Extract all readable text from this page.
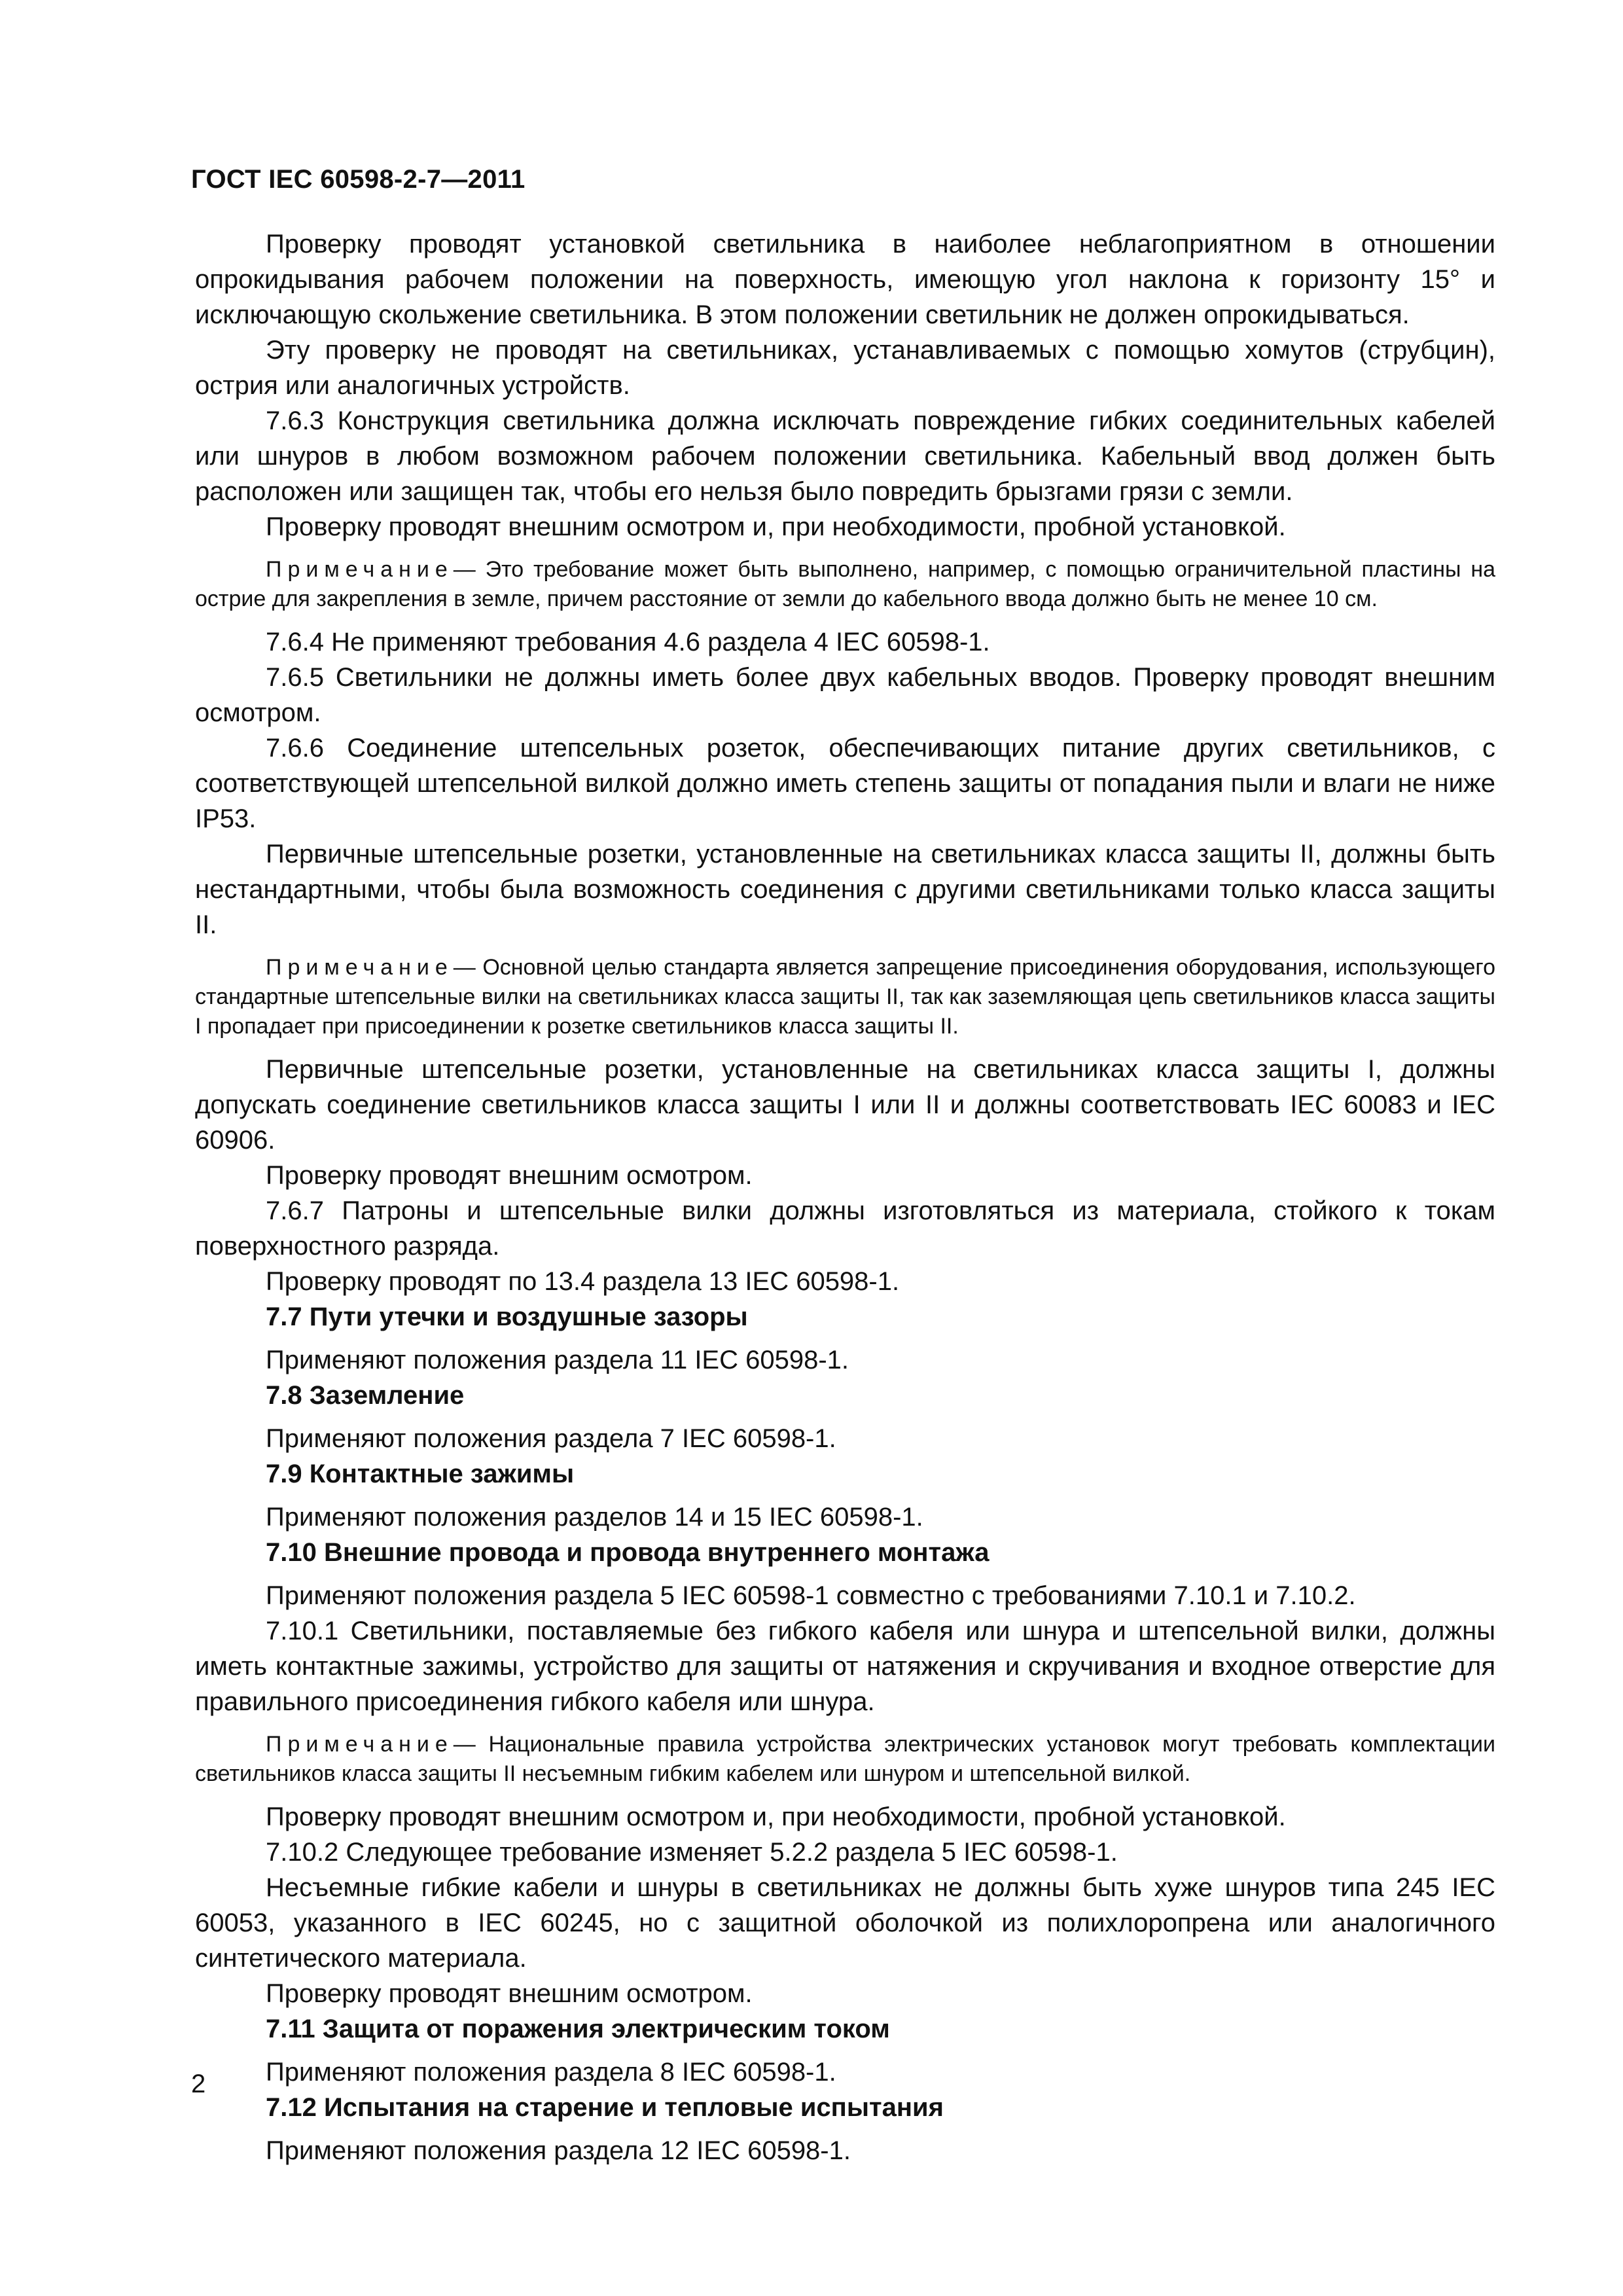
ГОСТ IEC 60598-2-7—2011
Проверку проводят установкой светильника в наиболее неблагоприятном в отношении опрокидывания рабочем положении на поверхность, имеющую угол наклона к горизонту 15° и исключающую скольжение светильника. В этом положении светильник не должен опрокидываться.
Эту проверку не проводят на светильниках, устанавливаемых с помощью хомутов (струбцин), острия или аналогичных устройств.
7.6.3 Конструкция светильника должна исключать повреждение гибких соединительных кабелей или шнуров в любом возможном рабочем положении светильника. Кабельный ввод должен быть расположен или защищен так, чтобы его нельзя было повредить брызгами грязи с земли.
Проверку проводят внешним осмотром и, при необходимости, пробной установкой.
Примечание— Это требование может быть выполнено, например, с помощью ограничительной пластины на острие для закрепления в земле, причем расстояние от земли до кабельного ввода должно быть не менее 10 см.
7.6.4 Не применяют требования 4.6 раздела 4 IEC 60598-1.
7.6.5 Светильники не должны иметь более двух кабельных вводов. Проверку проводят внешним осмотром.
7.6.6 Соединение штепсельных розеток, обеспечивающих питание других светильников, с соответствующей штепсельной вилкой должно иметь степень защиты от попадания пыли и влаги не ниже IP53.
Первичные штепсельные розетки, установленные на светильниках класса защиты II, должны быть нестандартными, чтобы была возможность соединения с другими светильниками только класса защиты II.
Примечание— Основной целью стандарта является запрещение присоединения оборудования, использующего стандартные штепсельные вилки на светильниках класса защиты II, так как заземляющая цепь светильников класса защиты I пропадает при присоединении к розетке светильников класса защиты II.
Первичные штепсельные розетки, установленные на светильниках класса защиты I, должны допускать соединение светильников класса защиты I или II и должны соответствовать IEC 60083 и IEC 60906.
Проверку проводят внешним осмотром.
7.6.7 Патроны и штепсельные вилки должны изготовляться из материала, стойкого к токам поверхностного разряда.
Проверку проводят по 13.4 раздела 13 IEC 60598-1.
7.7 Пути утечки и воздушные зазоры
Применяют положения раздела 11 IEC 60598-1.
7.8 Заземление
Применяют положения раздела 7 IEC 60598-1.
7.9 Контактные зажимы
Применяют положения разделов 14 и 15 IEC 60598-1.
7.10 Внешние провода и провода внутреннего монтажа
Применяют положения раздела 5 IEC 60598-1 совместно с требованиями 7.10.1 и 7.10.2.
7.10.1 Светильники, поставляемые без гибкого кабеля или шнура и штепсельной вилки, должны иметь контактные зажимы, устройство для защиты от натяжения и скручивания и входное отверстие для правильного присоединения гибкого кабеля или шнура.
Примечание— Национальные правила устройства электрических установок могут требовать комплектации светильников класса защиты II несъемным гибким кабелем или шнуром и штепсельной вилкой.
Проверку проводят внешним осмотром и, при необходимости, пробной установкой.
7.10.2 Следующее требование изменяет 5.2.2 раздела 5 IEC 60598-1.
Несъемные гибкие кабели и шнуры в светильниках не должны быть хуже шнуров типа 245 IEC 60053, указанного в IEC 60245, но с защитной оболочкой из полихлоропрена или аналогичного синтетического материала.
Проверку проводят внешним осмотром.
7.11 Защита от поражения электрическим током
Применяют положения раздела 8 IEC 60598-1.
7.12 Испытания на старение и тепловые испытания
Применяют положения раздела 12 IEC 60598-1.
2
